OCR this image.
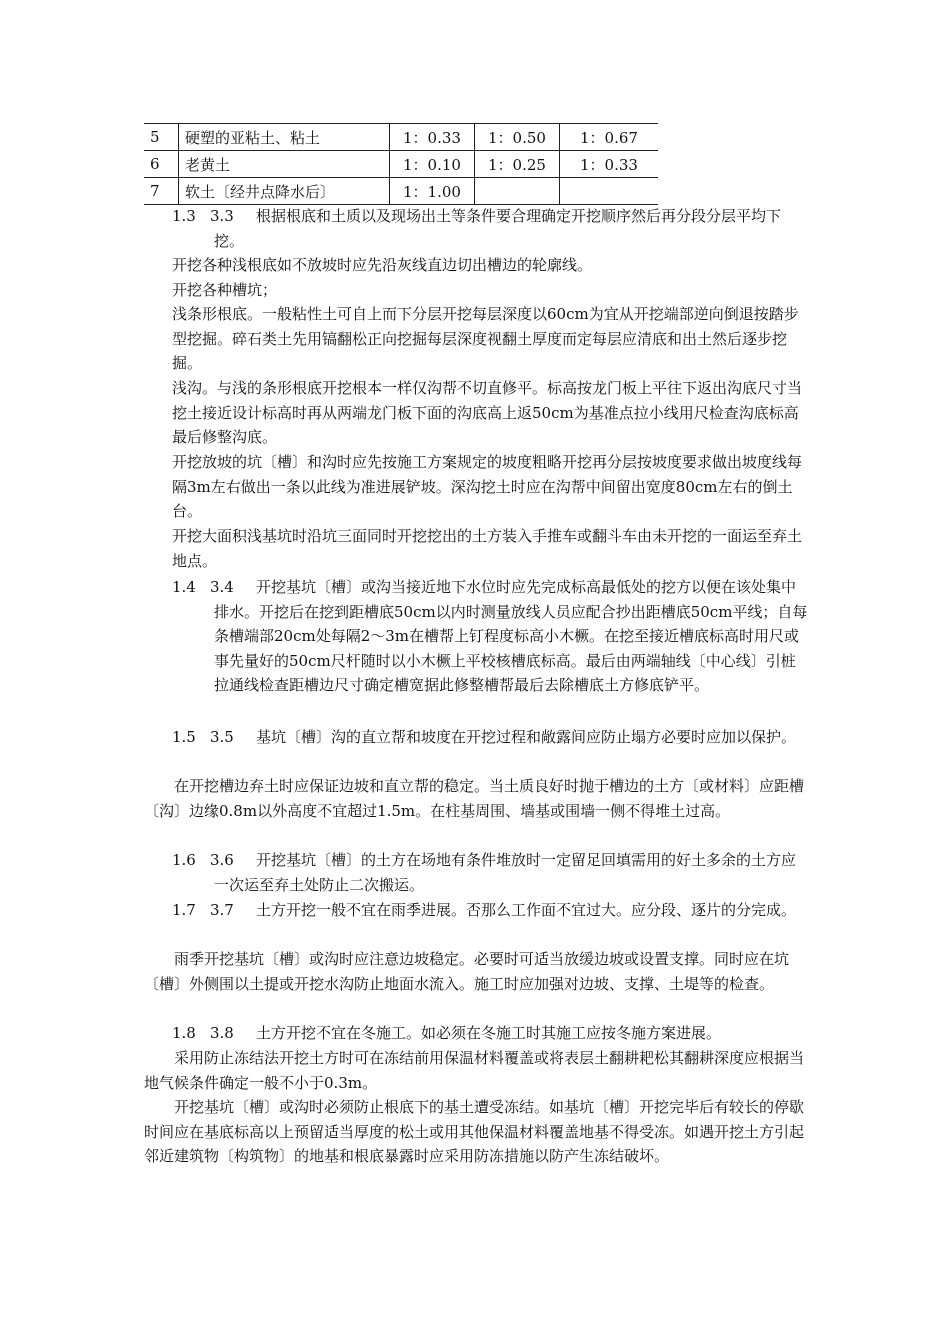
5	硬塑的亚粘土、粘土	1：0.33	1：0.50	1：0.67
6	老黄土	1：0.10	1：0.25	1：0.33
7	软土〔经井点降水后〕	1：1.00		
1.3 3.3	根据根底和土质以及现场出土等条件要合理确定开挖顺序然后再分段分层平均下挖。
开挖各种浅根底如不放坡时应先沿灰线直边切出槽边的轮廓线。
开挖各种槽坑；
浅条形根底。一般粘性土可自上而下分层开挖每层深度以60cm为宜从开挖端部逆向倒退按踏步型挖掘。碎石类土先用镐翻松正向挖掘每层深度视翻土厚度而定每层应清底和出土然后逐步挖掘。
浅沟。与浅的条形根底开挖根本一样仅沟帮不切直修平。标高按龙门板上平往下返出沟底尺寸当挖土接近设计标高时再从两端龙门板下面的沟底高上返50cm为基准点拉小线用尺检查沟底标高最后修整沟底。
开挖放坡的坑〔槽〕和沟时应先按施工方案规定的坡度粗略开挖再分层按坡度要求做出坡度线每隔3m左右做出一条以此线为准进展铲坡。深沟挖土时应在沟帮中间留出宽度80cm左右的倒土台。
开挖大面积浅基坑时沿坑三面同时开挖挖出的土方装入手推车或翻斗车由未开挖的一面运至弃土地点。
1.4 3.4	开挖基坑〔槽〕或沟当接近地下水位时应先完成标高最低处的挖方以便在该处集中排水。开挖后在挖到距槽底50cm以内时测量放线人员应配合抄出距槽底50cm平线；自每条槽端部20cm处每隔2～3m在槽帮上钉程度标高小木橛。在挖至接近槽底标高时用尺或事先量好的50cm尺杆随时以小木橛上平校核槽底标高。最后由两端轴线〔中心线〕引桩拉通线检查距槽边尺寸确定槽宽据此修整槽帮最后去除槽底土方修底铲平。
1.5 3.5	基坑〔槽〕沟的直立帮和坡度在开挖过程和敞露间应防止塌方必要时应加以保护。
在开挖槽边弃土时应保证边坡和直立帮的稳定。当土质良好时抛于槽边的土方〔或材料〕应距槽〔沟〕边缘0.8m以外高度不宜超过1.5m。在柱基周围、墙基或围墙一侧不得堆土过高。
1.6 3.6	开挖基坑〔槽〕的土方在场地有条件堆放时一定留足回填需用的好土多余的土方应一次运至弃土处防止二次搬运。
1.7 3.7	土方开挖一般不宜在雨季进展。否那么工作面不宜过大。应分段、逐片的分完成。
雨季开挖基坑〔槽〕或沟时应注意边坡稳定。必要时可适当放缓边坡或设置支撑。同时应在坑〔槽〕外侧围以土提或开挖水沟防止地面水流入。施工时应加强对边坡、支撑、土堤等的检查。
1.8 3.8	土方开挖不宜在冬施工。如必须在冬施工时其施工应按冬施方案进展。
采用防止冻结法开挖土方时可在冻结前用保温材料覆盖或将表层土翻耕耙松其翻耕深度应根据当地气候条件确定一般不小于0.3m。
开挖基坑〔槽〕或沟时必须防止根底下的基土遭受冻结。如基坑〔槽〕开挖完毕后有较长的停歇时间应在基底标高以上预留适当厚度的松土或用其他保温材料覆盖地基不得受冻。如遇开挖土方引起邻近建筑物〔构筑物〕的地基和根底暴露时应采用防冻措施以防产生冻结破坏。
